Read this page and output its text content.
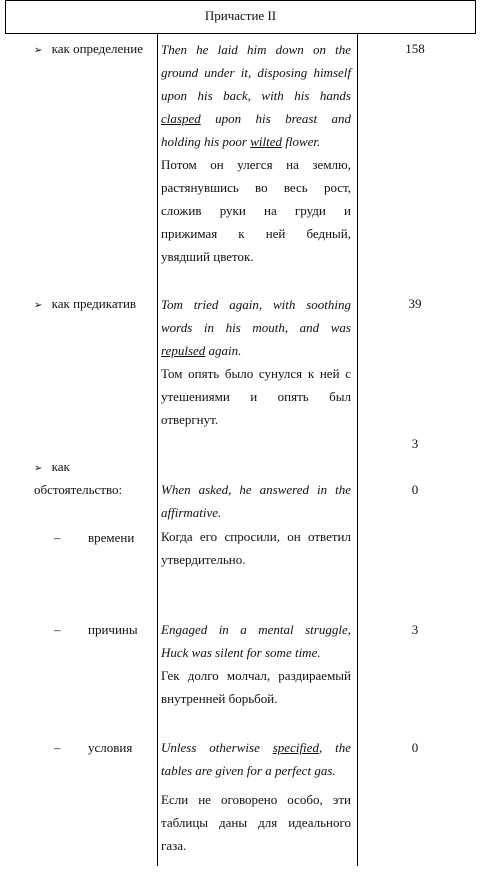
Причастие II
➢ как определение Then he laid him down on the
ground under it, disposing himself
upon his back, with his hands
clasped upon his breast and
holding his poor wilted flower.
Потом он улегся на землю,
растянувшись во весь рост,
сложив руки на груди и
прижимая к ней бедный,
увядший цветок.
158
➢ как предикатив Tom tried again, with soothing
words in his mouth, and was
repulsed again.
Том опять было сунулся к ней с
утешениями и опять был
отвергнут.
39
➢ как
обстоятельство:
3
– времени
When asked, he answered in the
affirmative.
Когда его спросили, он ответил
утвердительно.
0
– причины Engaged in a mental struggle,
Huck was silent for some time.
Гек долго молчал, раздираемый
внутренней борьбой.
3
– условия Unless otherwise specified, the
tables are given for a perfect gas.
Если не оговорено особо, эти
таблицы даны для идеального
газа.
0
